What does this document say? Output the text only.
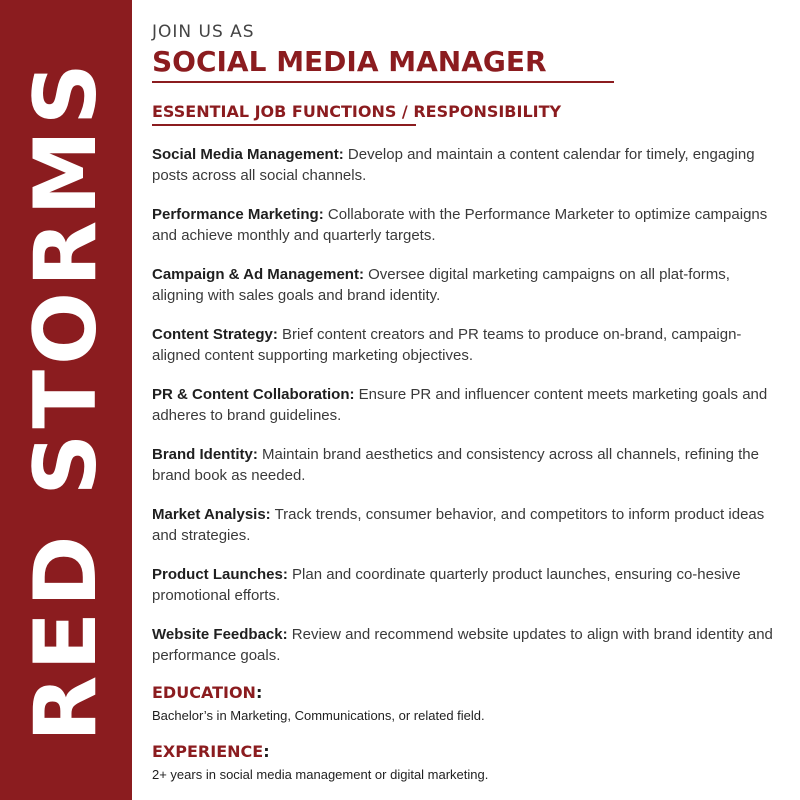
RED STORMS
JOIN US AS
SOCIAL MEDIA MANAGER
ESSENTIAL JOB FUNCTIONS / RESPONSIBILITY
Social Media Management: Develop and maintain a content calendar for timely, engaging posts across all social channels.
Performance Marketing: Collaborate with the Performance Marketer to optimize campaigns and achieve monthly and quarterly targets.
Campaign & Ad Management: Oversee digital marketing campaigns on all plat-forms, aligning with sales goals and brand identity.
Content Strategy: Brief content creators and PR teams to produce on-brand, campaign-aligned content supporting marketing objectives.
PR & Content Collaboration: Ensure PR and influencer content meets marketing goals and adheres to brand guidelines.
Brand Identity: Maintain brand aesthetics and consistency across all channels, refining the brand book as needed.
Market Analysis: Track trends, consumer behavior, and competitors to inform product ideas and strategies.
Product Launches: Plan and coordinate quarterly product launches, ensuring co-hesive promotional efforts.
Website Feedback: Review and recommend website updates to align with brand identity and performance goals.
EDUCATION:
Bachelor’s in Marketing, Communications, or related field.
EXPERIENCE:
2+ years in social media management or digital marketing.
